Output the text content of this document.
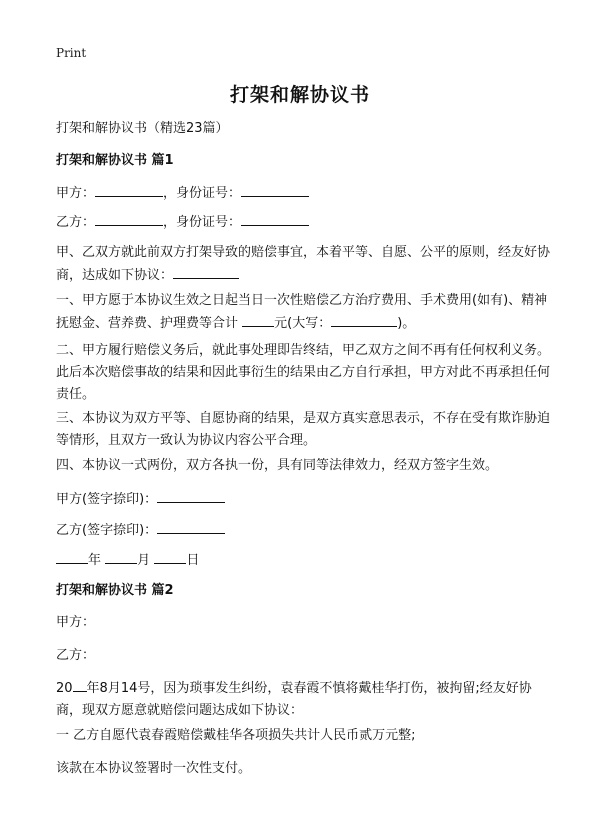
Print
打架和解协议书

打架和解协议书（精选23篇）

打架和解协议书 篇1

甲方：	，身份证号：

乙方：	，身份证号：

甲、乙双方就此前双方打架导致的赔偿事宜，本着平等、自愿、公平的原则，经友好协商，达成如下协议：

一、甲方愿于本协议生效之日起当日一次性赔偿乙方治疗费用、手术费用(如有)、精神抚慰金、营养费、护理费等合计	元(大写：	)。

二、甲方履行赔偿义务后，就此事处理即告终结，甲乙双方之间不再有任何权利义务。此后本次赔偿事故的结果和因此事衍生的结果由乙方自行承担，甲方对此不再承担任何责任。

三、本协议为双方平等、自愿协商的结果，是双方真实意思表示，不存在受有欺诈胁迫等情形，且双方一致认为协议内容公平合理。

四、本协议一式两份，双方各执一份，具有同等法律效力，经双方签字生效。

甲方(签字捺印)：

乙方(签字捺印)：

年	月	日

打架和解协议书 篇2

甲方：

乙方：

20 年8月14号，因为琐事发生纠纷，袁春霞不慎将戴桂华打伤，被拘留;经友好协商，现双方愿意就赔偿问题达成如下协议：

一 乙方自愿代袁春霞赔偿戴桂华各项损失共计人民币贰万元整;

该款在本协议签署时一次性支付。
